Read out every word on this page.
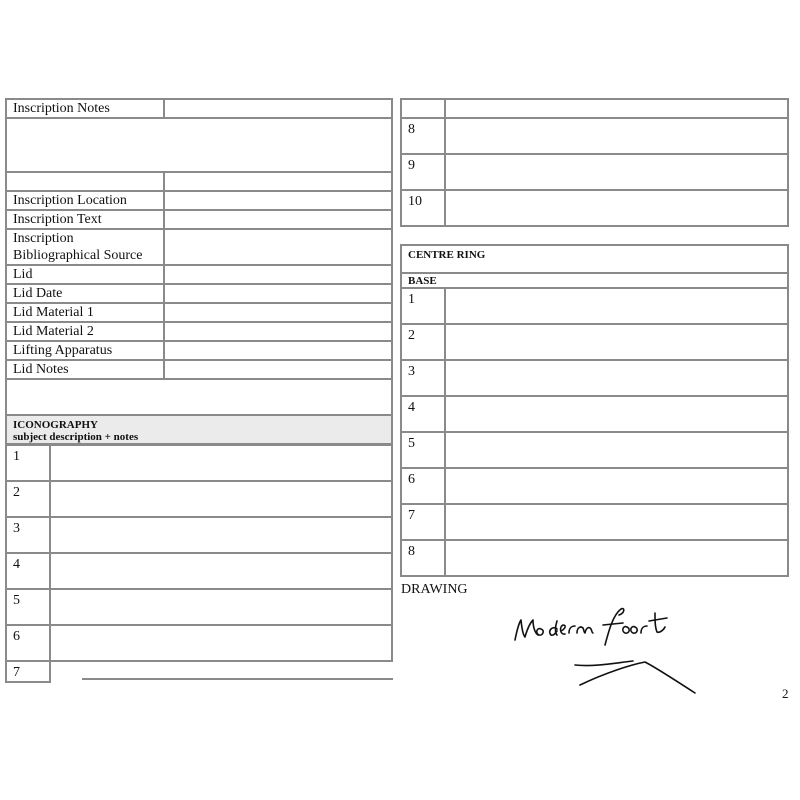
Inscription Notes	

Inscription Location	
Inscription Text	

Inscription
Bibliographical Source	

Lid	
Lid Date	
Lid Material 1	
Lid Material 2	
Lifting Apparatus	
Lid Notes	

ICONOGRAPHY
subject description + notes	
1	
2	
3	
4	
5	
6	
7	

8	
9	
10	
CENTRE RING	
BASE	
1	
2	
3	
4	
5	
6	
7	
8	
DRAWING
2
